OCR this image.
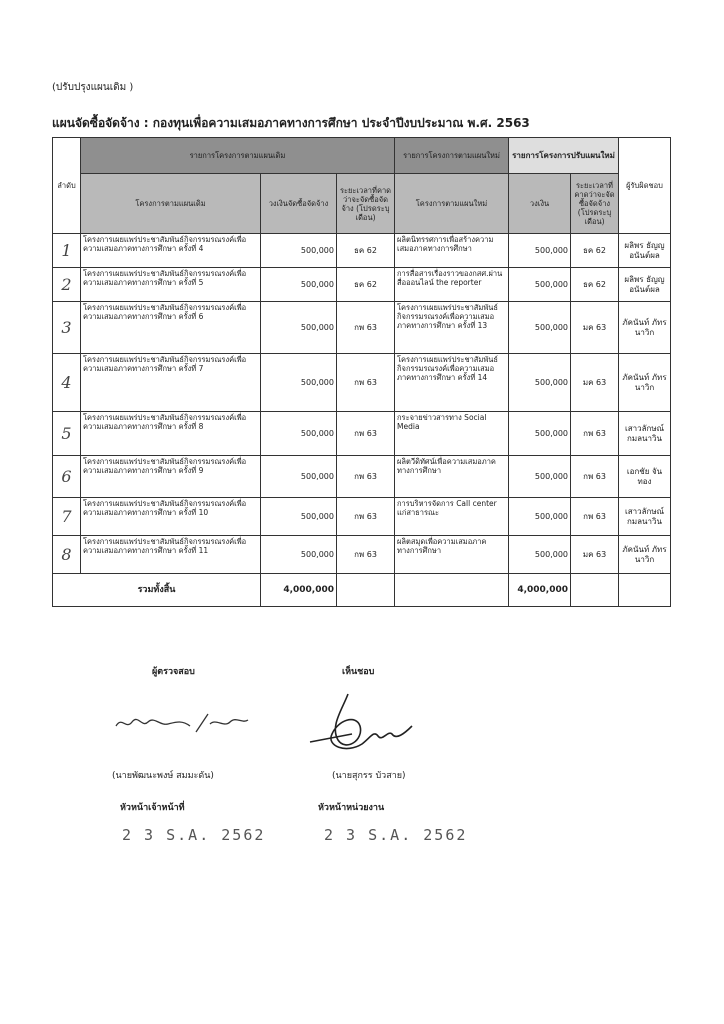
(ปรับปรุงแผนเดิม )
แผนจัดซื้อจัดจ้าง : กองทุนเพื่อความเสมอภาคทางการศึกษา ประจำปีงบประมาณ พ.ศ. 2563
ลำดับ	รายการโครงการตามแผนเดิม			รายการโครงการตามแผนใหม่	รายการโครงการปรับแผนใหม่		ผู้รับผิดชอบ
	โครงการตามแผนเดิม	วงเงินจัดซื้อจัดจ้าง	ระยะเวลาที่คาดว่าจะจัดซื้อจัดจ้าง (โปรดระบุเดือน)	โครงการตามแผนใหม่	วงเงิน	ระยะเวลาที่คาดว่าจะจัดซื้อจัดจ้าง (โปรดระบุเดือน)	
1	โครงการเผยแพร่ประชาสัมพันธ์กิจกรรมรณรงค์เพื่อความเสมอภาคทางการศึกษา ครั้งที่ 4	500,000	ธค 62	ผลิตนิทรรศการเพื่อสร้างความเสมอภาคทางการศึกษา	500,000	ธค 62	ผลิพร ธัญญอนันต์ผล
2	โครงการเผยแพร่ประชาสัมพันธ์กิจกรรมรณรงค์เพื่อความเสมอภาคทางการศึกษา ครั้งที่ 5	500,000	ธค 62	การสื่อสารเรื่องราวของกสศ.ผ่านสื่อออนไลน์ the reporter	500,000	ธค 62	ผลิพร ธัญญอนันต์ผล
3	โครงการเผยแพร่ประชาสัมพันธ์กิจกรรมรณรงค์เพื่อความเสมอภาคทางการศึกษา ครั้งที่ 6	500,000	กพ 63	โครงการเผยแพร่ประชาสัมพันธ์กิจกรรมรณรงค์เพื่อความเสมอภาคทางการศึกษา ครั้งที่ 13	500,000	มค 63	ภัคนันท์ ภัทรนาวิก
4	โครงการเผยแพร่ประชาสัมพันธ์กิจกรรมรณรงค์เพื่อความเสมอภาคทางการศึกษา ครั้งที่ 7	500,000	กพ 63	โครงการเผยแพร่ประชาสัมพันธ์กิจกรรมรณรงค์เพื่อความเสมอภาคทางการศึกษา ครั้งที่ 14	500,000	มค 63	ภัคนันท์ ภัทรนาวิก
5	โครงการเผยแพร่ประชาสัมพันธ์กิจกรรมรณรงค์เพื่อความเสมอภาคทางการศึกษา ครั้งที่ 8	500,000	กพ 63	กระจายข่าวสารทาง Social Media	500,000	กพ 63	เสาวลักษณ์ กมลนาวิน
6	โครงการเผยแพร่ประชาสัมพันธ์กิจกรรมรณรงค์เพื่อความเสมอภาคทางการศึกษา ครั้งที่ 9	500,000	กพ 63	ผลิตวีดิทัศน์เพื่อความเสมอภาคทางการศึกษา	500,000	กพ 63	เอกชัย จันทอง
7	โครงการเผยแพร่ประชาสัมพันธ์กิจกรรมรณรงค์เพื่อความเสมอภาคทางการศึกษา ครั้งที่ 10	500,000	กพ 63	การบริหารจัดการ Call center แก่สาธารณะ	500,000	กพ 63	เสาวลักษณ์ กมลนาวิน
8	โครงการเผยแพร่ประชาสัมพันธ์กิจกรรมรณรงค์เพื่อความเสมอภาคทางการศึกษา ครั้งที่ 11	500,000	กพ 63	ผลิตสมุดเพื่อความเสมอภาคทางการศึกษา	500,000	มค 63	ภัคนันท์ ภัทรนาวิก
รวมทั้งสิ้น		4,000,000			4,000,000		
ผู้ตรวจสอบ
(นายพัฒนะพงษ์ สมมะดัน)
หัวหน้าเจ้าหน้าที่
2 3 S.A. 2562
เห็นชอบ
(นายสุกรร บัวสาย)
หัวหน้าหน่วยงาน
2 3 S.A. 2562
